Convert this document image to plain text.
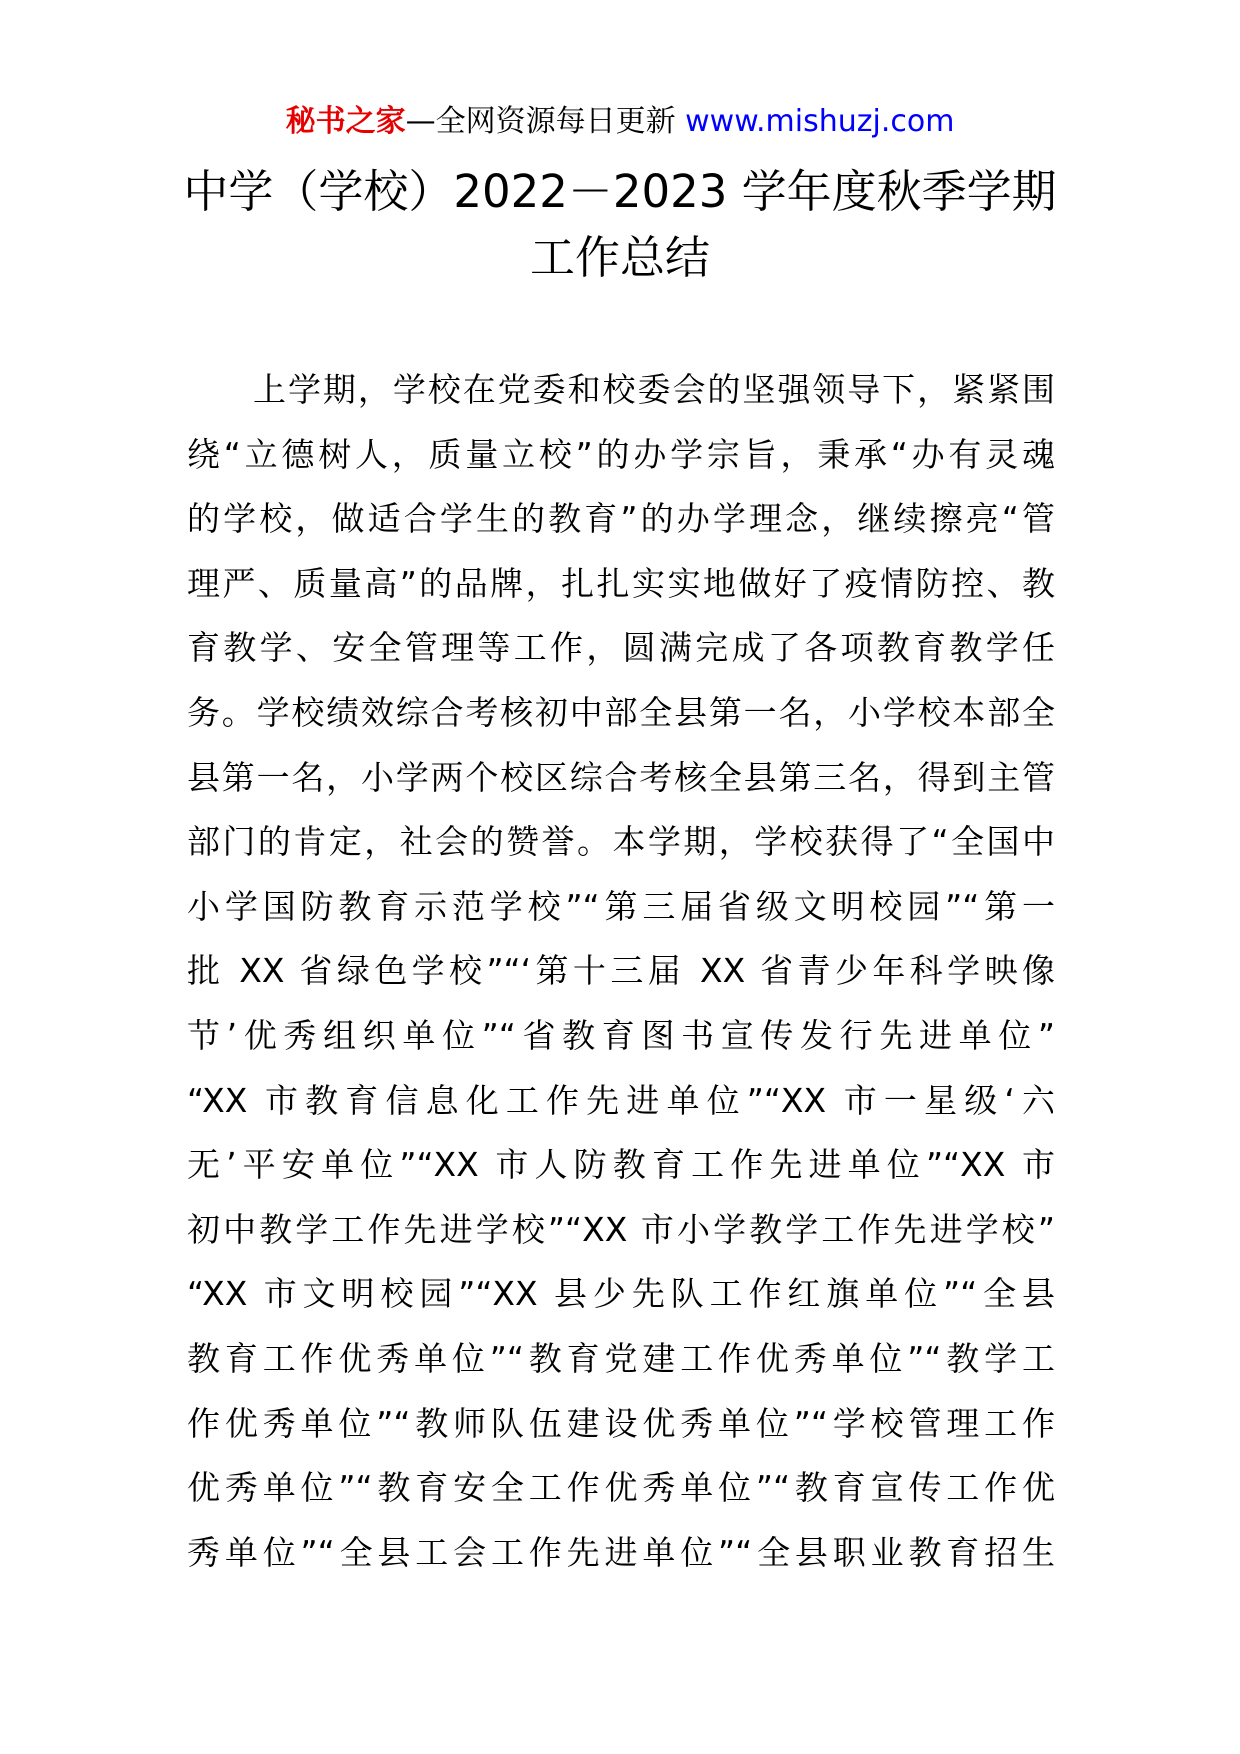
秘书之家—全网资源每日更新 www.mishuzj.com
中学（学校）2022－2023 学年度秋季学期
工作总结
上学期，学校在党委和校委会的坚强领导下，紧紧围
绕“立德树人，质量立校”的办学宗旨，秉承“办有灵魂
的学校，做适合学生的教育”的办学理念，继续擦亮“管
理严、质量高”的品牌，扎扎实实地做好了疫情防控、教
育教学、安全管理等工作，圆满完成了各项教育教学任
务。学校绩效综合考核初中部全县第一名，小学校本部全
县第一名，小学两个校区综合考核全县第三名，得到主管
部门的肯定，社会的赞誉。本学期，学校获得了“全国中
小学国防教育示范学校”“第三届省级文明校园”“第一
批 XX 省绿色学校”“‘第十三届 XX 省青少年科学映像
节’优秀组织单位”“省教育图书宣传发行先进单位”
“XX 市教育信息化工作先进单位”“XX 市一星级‘六
无’平安单位”“XX 市人防教育工作先进单位”“XX 市
初中教学工作先进学校”“XX 市小学教学工作先进学校”
“XX 市文明校园”“XX 县少先队工作红旗单位”“全县
教育工作优秀单位”“教育党建工作优秀单位”“教学工
作优秀单位”“教师队伍建设优秀单位”“学校管理工作
优秀单位”“教育安全工作优秀单位”“教育宣传工作优
秀单位”“全县工会工作先进单位”“全县职业教育招生
